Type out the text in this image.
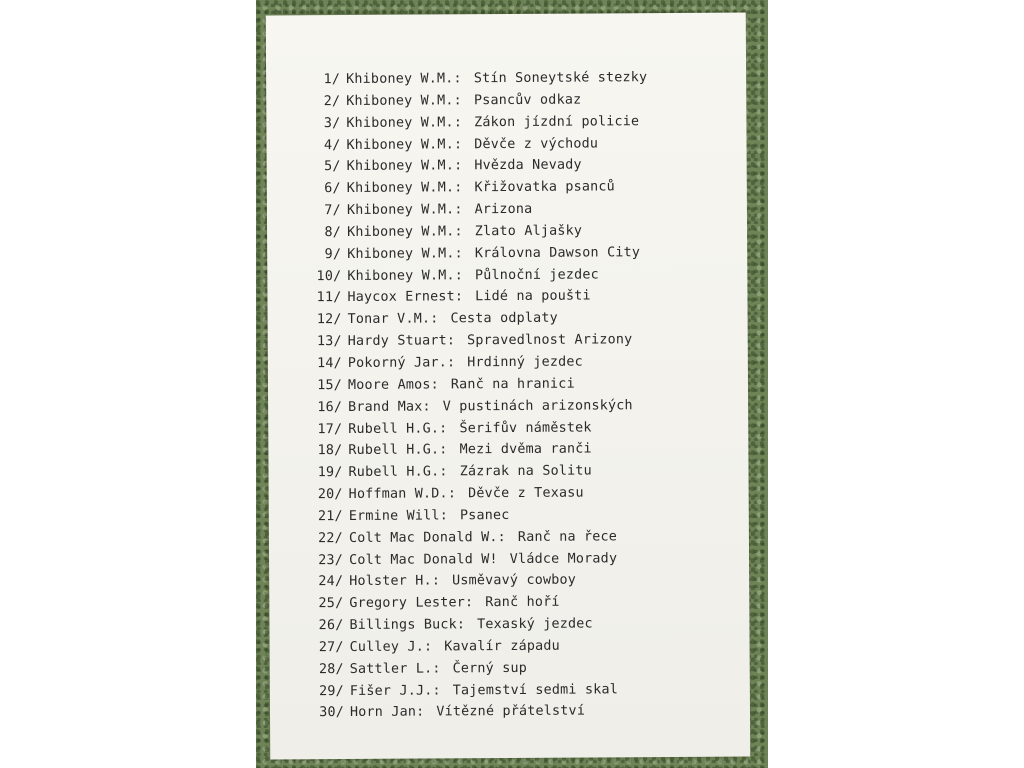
1/ Khiboney W.M.: Stín Soneytské stezky
2/ Khiboney W.M.: Psancův odkaz
3/ Khiboney W.M.: Zákon jízdní policie
4/ Khiboney W.M.: Děvče z východu
5/ Khiboney W.M.: Hvězda Nevady
6/ Khiboney W.M.: Křižovatka psanců
7/ Khiboney W.M.: Arizona
8/ Khiboney W.M.: Zlato Aljašky
9/ Khiboney W.M.: Královna Dawson City
10/ Khiboney W.M.: Půlnoční jezdec
11/ Haycox Ernest: Lidé na poušti
12/ Tonar V.M.: Cesta odplaty
13/ Hardy Stuart: Spravedlnost Arizony
14/ Pokorný Jar.: Hrdinný jezdec
15/ Moore Amos: Ranč na hranici
16/ Brand Max: V pustinách arizonských
17/ Rubell H.G.: Šerifův náměstek
18/ Rubell H.G.: Mezi dvěma ranči
19/ Rubell H.G.: Zázrak na Solitu
20/ Hoffman W.D.: Děvče z Texasu
21/ Ermine Will: Psanec
22/ Colt Mac Donald W.: Ranč na řece
23/ Colt Mac Donald W! Vládce Morady
24/ Holster H.: Usměvavý cowboy
25/ Gregory Lester: Ranč hoří
26/ Billings Buck: Texaský jezdec
27/ Culley J.: Kavalír západu
28/ Sattler L.: Černý sup
29/ Fišer J.J.: Tajemství sedmi skal
30/ Horn Jan: Vítězné přátelství
